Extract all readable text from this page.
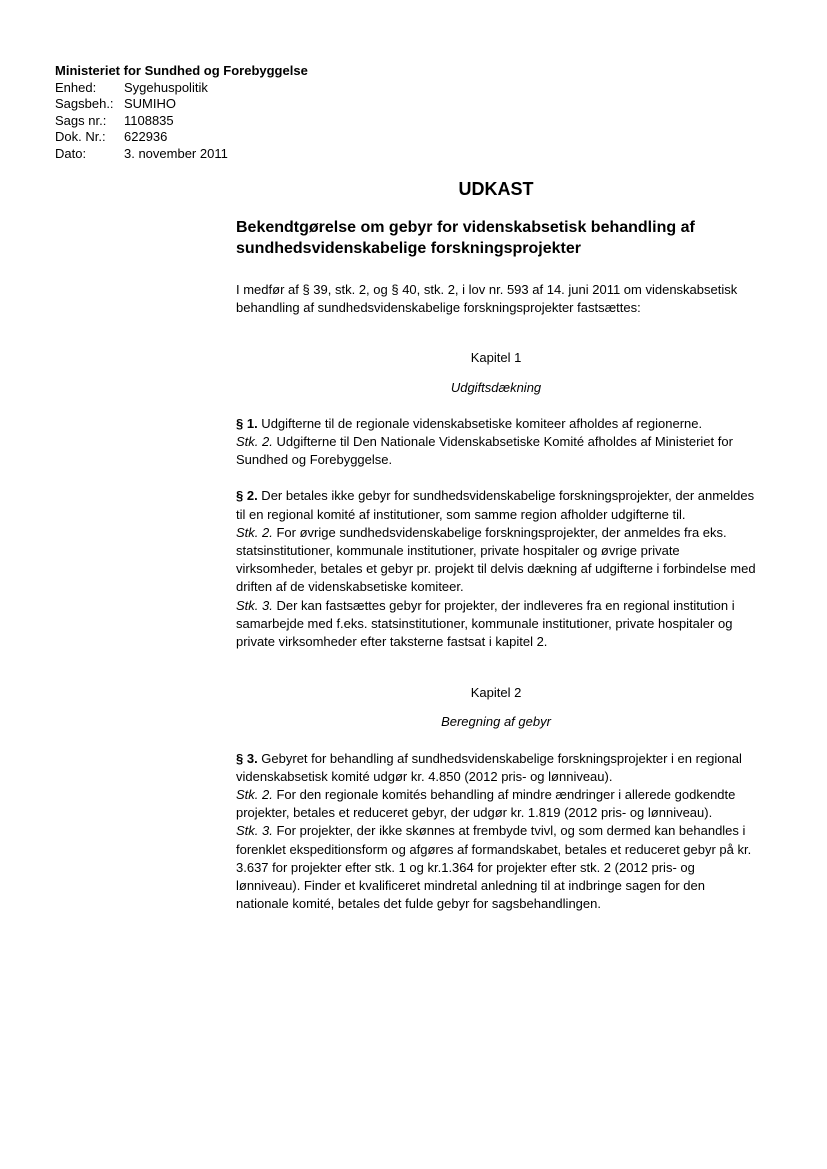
Ministeriet for Sundhed og Forebyggelse
Enhed:	Sygehuspolitik
Sagsbeh.: SUMIHO
Sags nr.:	1108835
Dok. Nr.:	622936
Dato:	3. november 2011
UDKAST
Bekendtgørelse om gebyr for videnskabsetisk behandling af sundhedsvidenskabelige forskningsprojekter
I medfør af § 39, stk. 2, og § 40, stk. 2, i lov nr. 593 af 14. juni 2011 om videnskabsetisk behandling af sundhedsvidenskabelige forskningsprojekter fastsættes:
Kapitel 1
Udgiftsdækning

§ 1. Udgifterne til de regionale videnskabsetiske komiteer afholdes af regionerne.

Stk. 2. Udgifterne til Den Nationale Videnskabsetiske Komité afholdes af Ministeriet for Sundhed og Forebyggelse.

§ 2. Der betales ikke gebyr for sundhedsvidenskabelige forskningsprojekter, der anmeldes til en regional komité af institutioner, som samme region afholder udgifterne til.

Stk. 2. For øvrige sundhedsvidenskabelige forskningsprojekter, der anmeldes fra eks. statsinstitutioner, kommunale institutioner, private hospitaler og øvrige private virksomheder, betales et gebyr pr. projekt til delvis dækning af udgifterne i forbindelse med driften af de videnskabsetiske komiteer.

Stk. 3. Der kan fastsættes gebyr for projekter, der indleveres fra en regional institution i samarbejde med f.eks. statsinstitutioner, kommunale institutioner, private hospitaler og private virksomheder efter taksterne fastsat i kapitel 2.

Kapitel 2
Beregning af gebyr

§ 3. Gebyret for behandling af sundhedsvidenskabelige forskningsprojekter i en regional videnskabsetisk komité udgør kr. 4.850 (2012 pris- og lønniveau).

Stk. 2. For den regionale komités behandling af mindre ændringer i allerede godkendte projekter, betales et reduceret gebyr, der udgør kr. 1.819 (2012 pris- og lønniveau).

Stk. 3. For projekter, der ikke skønnes at frembyde tvivl, og som dermed kan behandles i forenklet ekspeditionsform og afgøres af formandskabet, betales et reduceret gebyr på kr. 3.637 for projekter efter stk. 1 og kr.1.364 for projekter efter stk. 2 (2012 pris- og lønniveau). Finder et kvalificeret mindretal anledning til at indbringe sagen for den nationale komité, betales det fulde gebyr for sagsbehandlingen.
